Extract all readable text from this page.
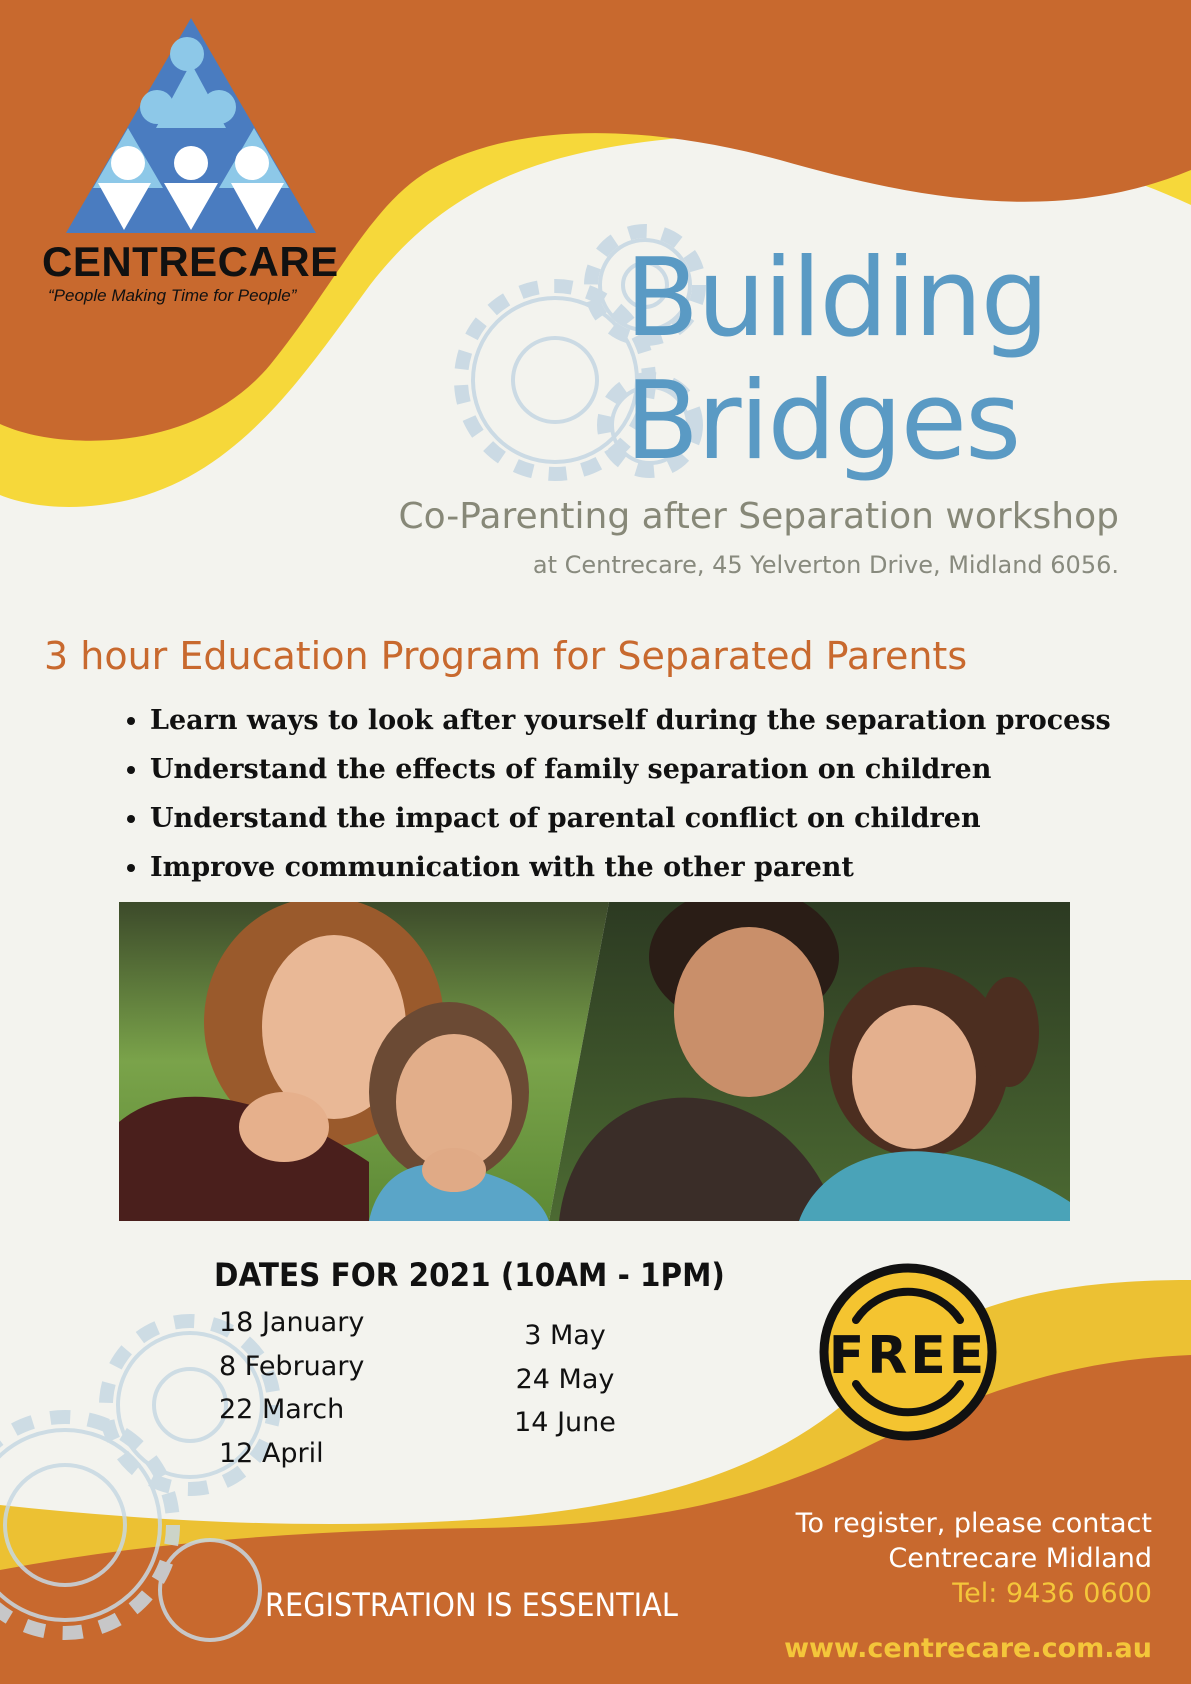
CENTRECARE
“People Making Time for People”	Building
Bridges
Co-Parenting after Separation workshop
at Centrecare, 45 Yelverton Drive, Midland 6056.
3 hour Education Program for Separated Parents
• Learn ways to look after yourself during the separation process
• Understand the effects of family separation on children
• Understand the impact of parental conflict on children
• Improve communication with the other parent
DATES FOR 2021 (10AM - 1PM)
18 January
8 February
22 March
12 April
3 May
24 May
14 June
FREE
REGISTRATION IS ESSENTIAL
To register, please contact
Centrecare Midland
Tel: 9436 0600
www.centrecare.com.au
